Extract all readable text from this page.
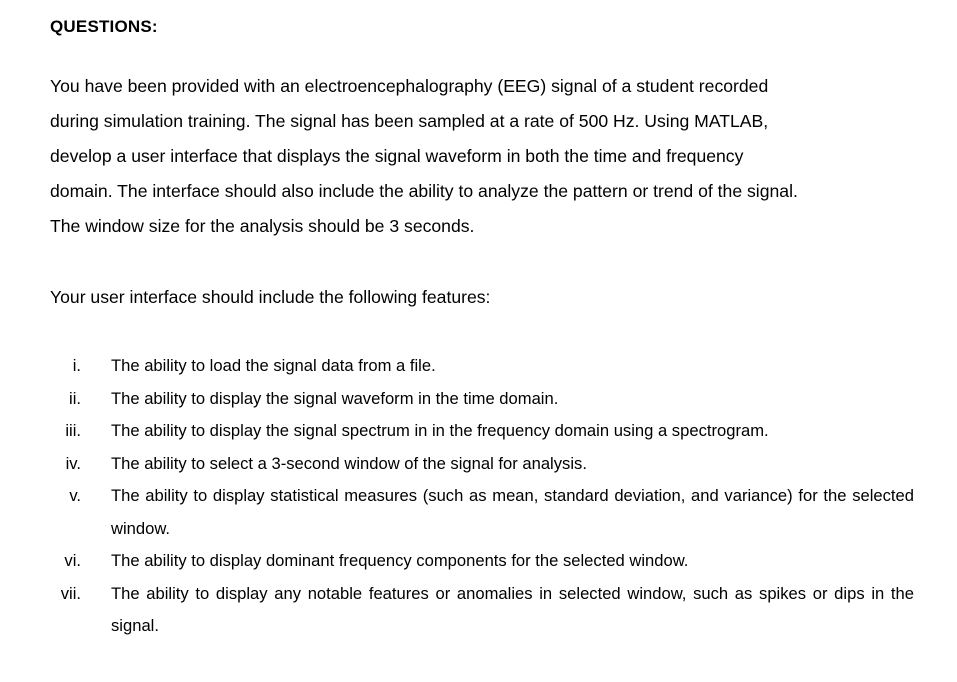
QUESTIONS:
You have been provided with an electroencephalography (EEG) signal of a student recorded
during simulation training. The signal has been sampled at a rate of 500 Hz. Using MATLAB,
develop a user interface that displays the signal waveform in both the time and frequency
domain. The interface should also include the ability to analyze the pattern or trend of the signal.
The window size for the analysis should be 3 seconds.
Your user interface should include the following features:
i. The ability to load the signal data from a file.
ii. The ability to display the signal waveform in the time domain.
iii. The ability to display the signal spectrum in in the frequency domain using a spectrogram.
iv. The ability to select a 3-second window of the signal for analysis.
v. The ability to display statistical measures (such as mean, standard deviation, and variance) for the selected window.
vi. The ability to display dominant frequency components for the selected window.
vii. The ability to display any notable features or anomalies in selected window, such as spikes or dips in the signal.
